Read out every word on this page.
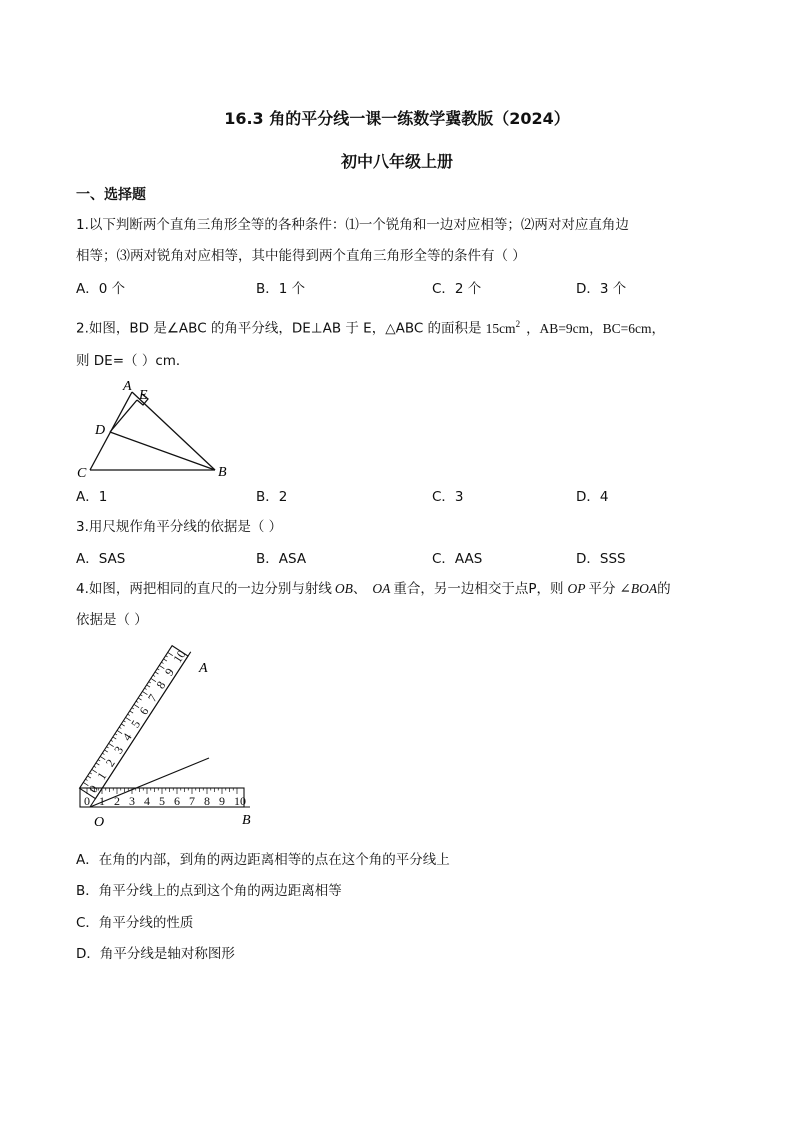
16.3 角的平分线一课一练数学冀教版（2024）
初中八年级上册
一、选择题
1.以下判断两个直角三角形全等的各种条件：⑴一个锐角和一边对应相等；⑵两对对应直角边
相等；⑶两对锐角对应相等，其中能得到两个直角三角形全等的条件有（ ）
A．0 个	B．1 个	C．2 个	D．3 个
2.如图，BD 是∠ABC 的角平分线，DE⊥AB 于 E，△ABC 的面积是 $15cm^2$ ，AB=9cm，BC=6cm，
则 DE=（ ）cm．
A
E
D
C	B
A．1	B．2	C．3	D．4
3.用尺规作角平分线的依据是（ ）
A．SAS	B．ASA	C．AAS	D．SSS
4.如图，两把相同的直尺的一边分别与射线 OB、 OA 重合，另一边相交于点P，则 OP 平分 ∠BOA的
依据是（ ）
0
1
2
3
4
5
6
7
8
9
10
0 1 2 3 4 5 6 7 8 9 10
A
O	B
A．在角的内部，到角的两边距离相等的点在这个角的平分线上
B．角平分线上的点到这个角的两边距离相等
C．角平分线的性质
D．角平分线是轴对称图形
